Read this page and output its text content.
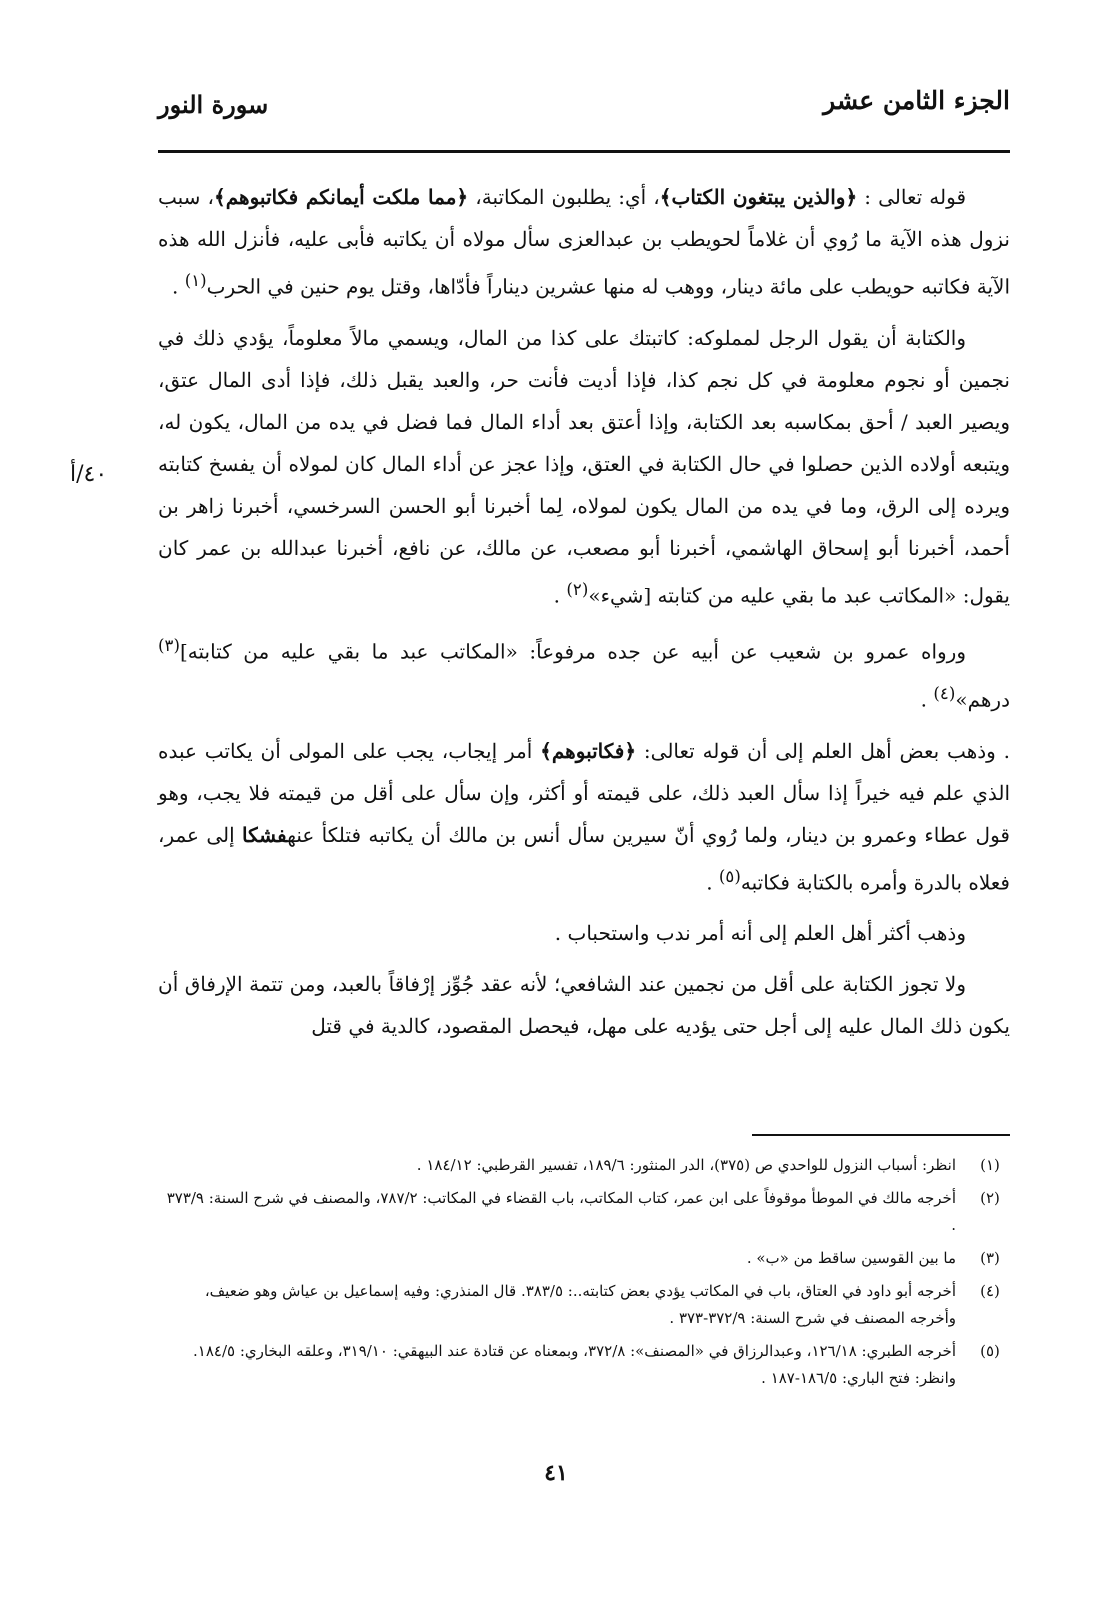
الجزء الثامن عشر
سورة النور
٤٠/أ

قوله تعالى : ﴿والذين يبتغون الكتاب﴾، أي: يطلبون المكاتبة، ﴿مما ملكت أيمانكم فكاتبوهم﴾، سبب نزول هذه الآية ما رُوي أن غلاماً لحويطب بن عبدالعزى سأل مولاه أن يكاتبه فأبى عليه، فأنزل الله هذه الآية فكاتبه حويطب على مائة دينار، ووهب له منها عشرين ديناراً فأدّاها، وقتل يوم حنين في الحرب$^{(١)}$ .

والكتابة أن يقول الرجل لمملوكه: كاتبتك على كذا من المال، ويسمي مالاً معلوماً، يؤدي ذلك في نجمين أو نجوم معلومة في كل نجم كذا، فإذا أديت فأنت حر، والعبد يقبل ذلك، فإذا أدى المال عتق، ويصير العبد / أحق بمكاسبه بعد الكتابة، وإذا أعتق بعد أداء المال فما فضل في يده من المال، يكون له، ويتبعه أولاده الذين حصلوا في حال الكتابة في العتق، وإذا عجز عن أداء المال كان لمولاه أن يفسخ كتابته ويرده إلى الرق، وما في يده من المال يكون لمولاه، لِما أخبرنا أبو الحسن السرخسي، أخبرنا زاهر بن أحمد، أخبرنا أبو إسحاق الهاشمي، أخبرنا أبو مصعب، عن مالك، عن نافع، أخبرنا عبدالله بن عمر كان يقول: «المكاتب عبد ما بقي عليه من كتابته [شيء»$^{(٢)}$ .

ورواه عمرو بن شعيب عن أبيه عن جده مرفوعاً: «المكاتب عبد ما بقي عليه من كتابته]$^{(٣)}$ درهم»$^{(٤)}$ .

. وذهب بعض أهل العلم إلى أن قوله تعالى: ﴿فكاتبوهم﴾ أمر إيجاب، يجب على المولى أن يكاتب عبده الذي علم فيه خيراً إذا سأل العبد ذلك، على قيمته أو أكثر، وإن سأل على أقل من قيمته فلا يجب، وهو قول عطاء وعمرو بن دينار، ولما رُوي أنّ سيرين سأل أنس بن مالك أن يكاتبه فتلكأ عنهفشكا إلى عمر، فعلاه بالدرة وأمره بالكتابة فكاتبه$^{(٥)}$ .

وذهب أكثر أهل العلم إلى أنه أمر ندب واستحباب .

ولا تجوز الكتابة على أقل من نجمين عند الشافعي؛ لأنه عقد جُوِّز إرْفاقاً بالعبد، ومن تتمة الإرفاق أن يكون ذلك المال عليه إلى أجل حتى يؤديه على مهل، فيحصل المقصود، كالدية في قتل

(١)
انظر: أسباب النزول للواحدي ص (٣٧٥)، الدر المنثور: ١٨٩/٦، تفسير القرطبي: ١٨٤/١٢ .
(٢)
أخرجه مالك في الموطأ موقوفاً على ابن عمر، كتاب المكاتب، باب القضاء في المكاتب: ٧٨٧/٢، والمصنف في شرح السنة: ٣٧٣/٩ .
(٣)
ما بين القوسين ساقط من «ب» .
(٤)
أخرجه أبو داود في العتاق، باب في المكاتب يؤدي بعض كتابته..: ٣٨٣/٥. قال المنذري: وفيه إسماعيل بن عياش وهو ضعيف، وأخرجه المصنف في شرح السنة: ٣٧٢/٩-٣٧٣ .
(٥)
أخرجه الطبري: ١٢٦/١٨، وعبدالرزاق في «المصنف»: ٣٧٢/٨، وبمعناه عن قتادة عند البيهقي: ٣١٩/١٠، وعلقه البخاري: ١٨٤/٥. وانظر: فتح الباري: ١٨٦/٥-١٨٧ .
٤١
